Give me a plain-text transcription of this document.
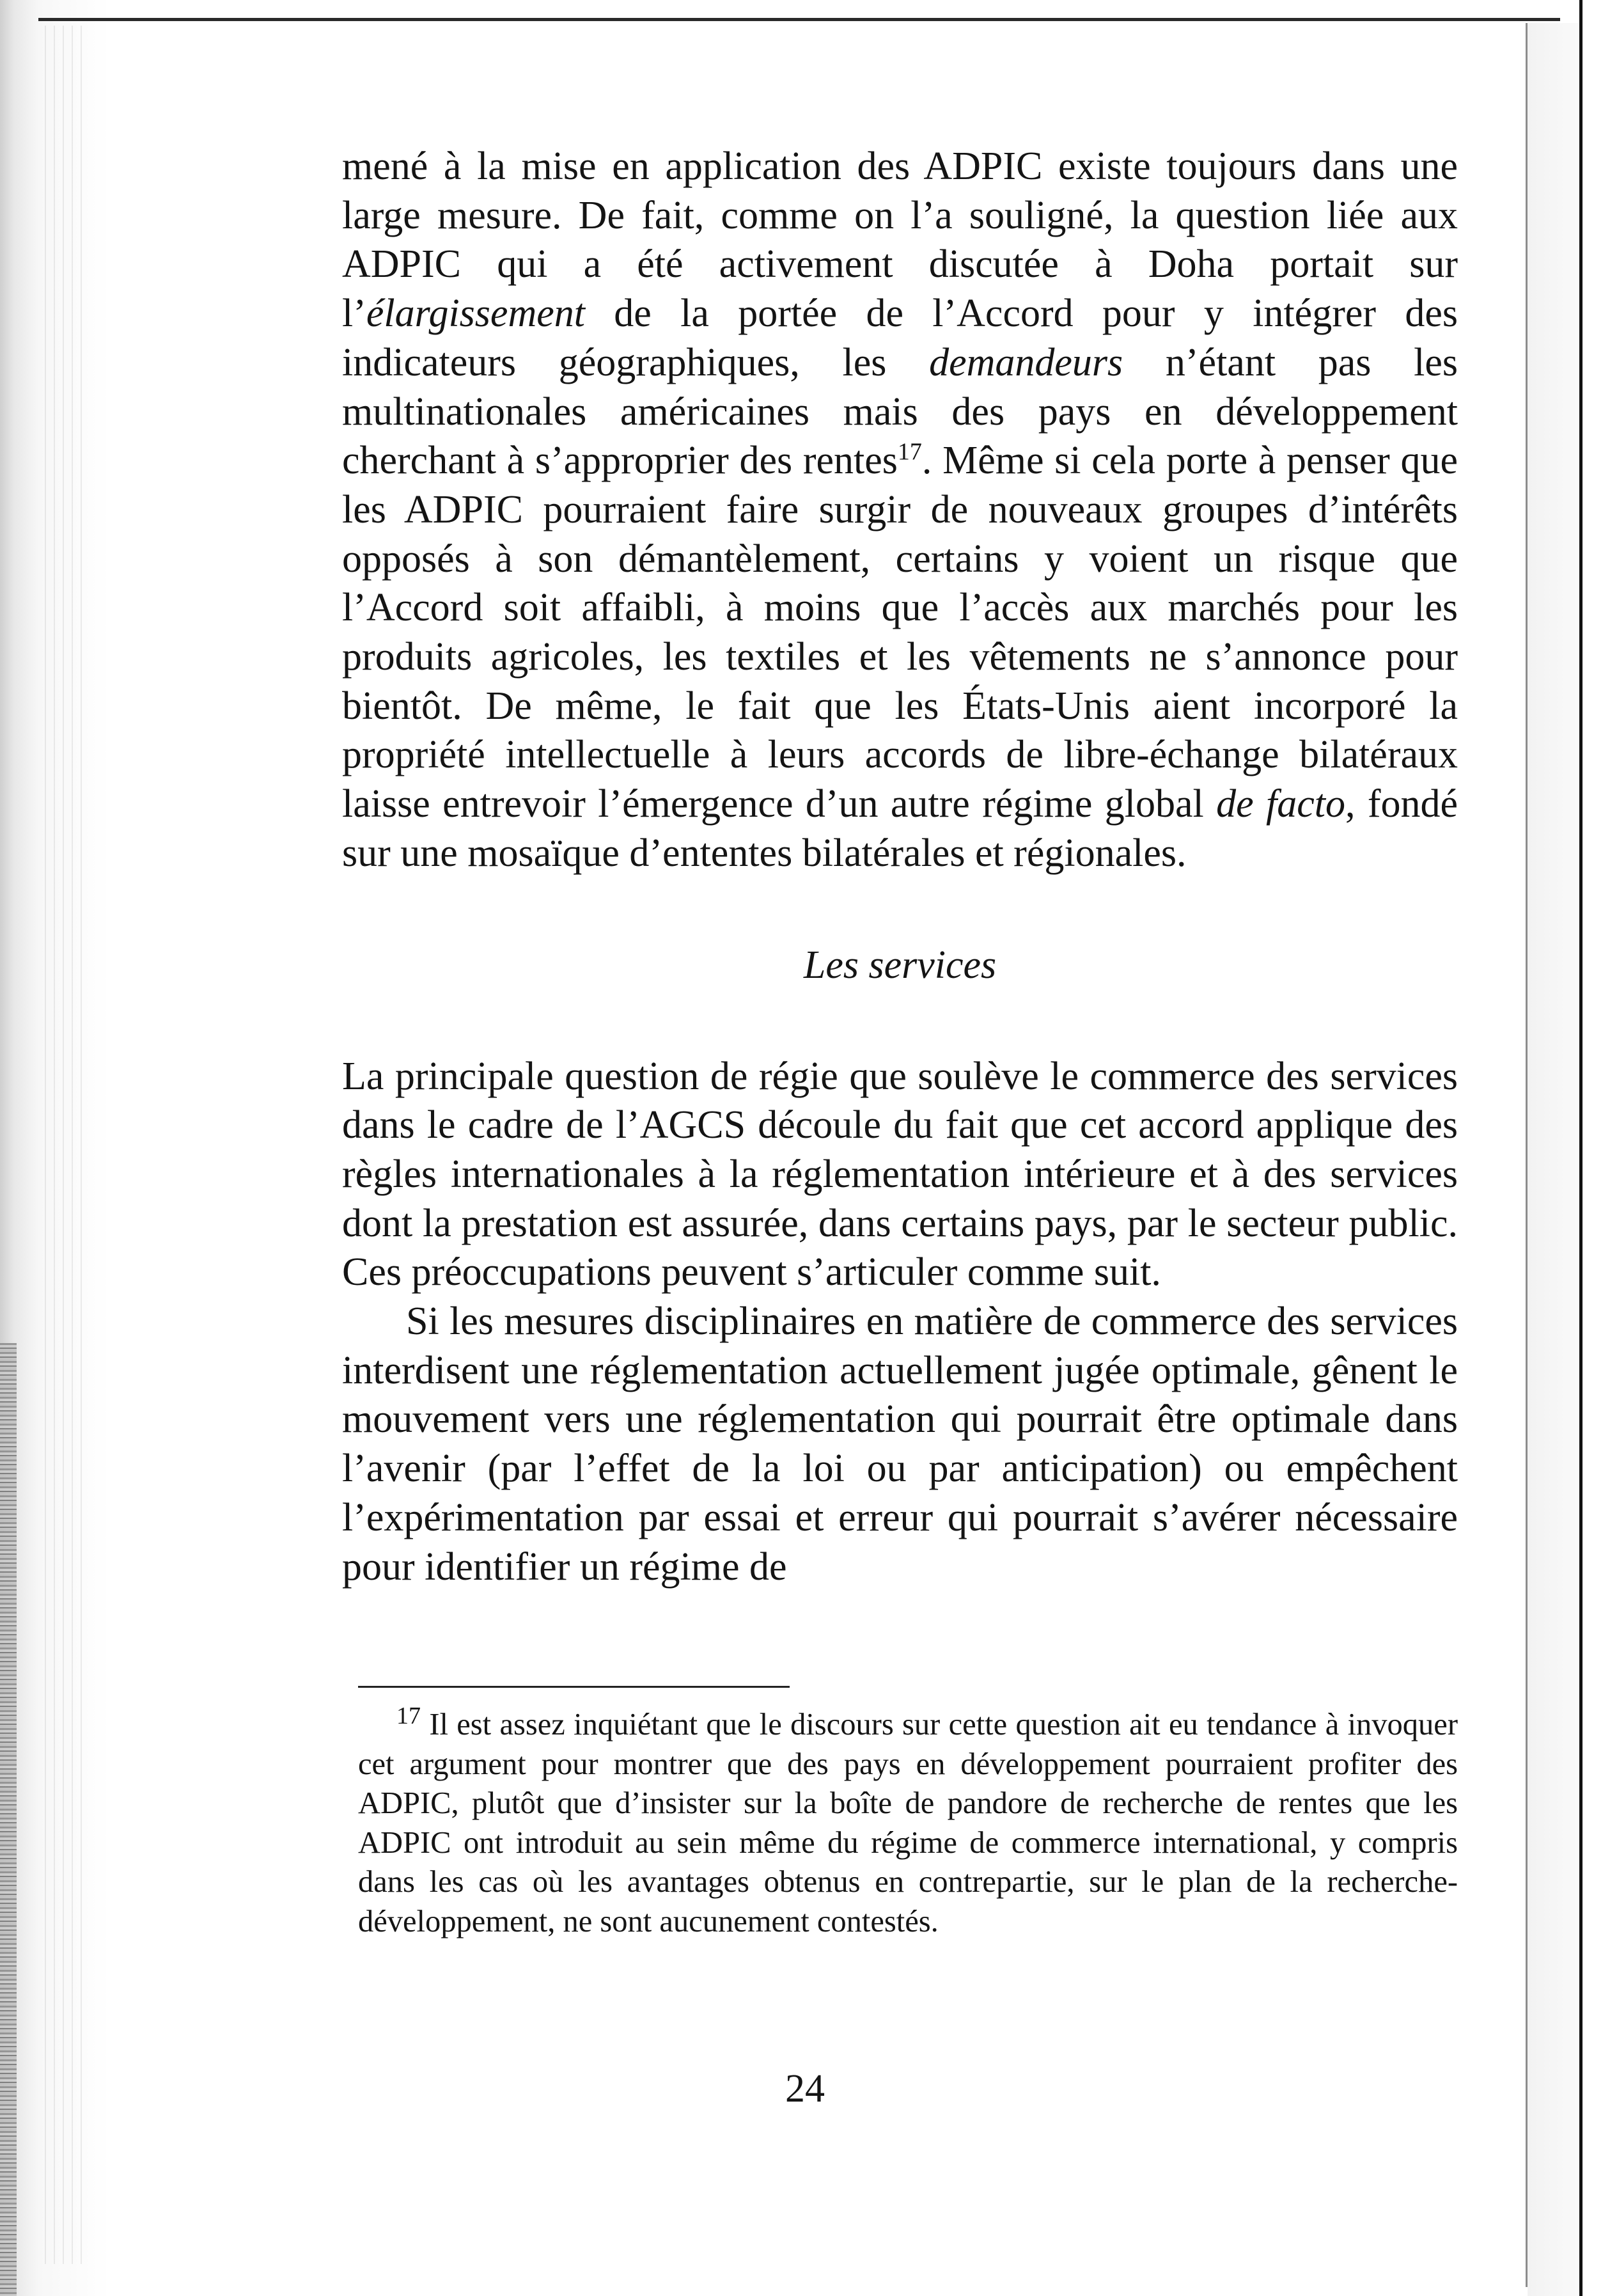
mené à la mise en application des ADPIC existe toujours dans une large mesure. De fait, comme on l’a souligné, la question liée aux ADPIC qui a été activement discutée à Doha portait sur l’élargissement de la portée de l’Accord pour y intégrer des indicateurs géographiques, les demandeurs n’étant pas les multinationales américaines mais des pays en développement cherchant à s’approprier des rentes$^{17}$. Même si cela porte à penser que les ADPIC pourraient faire surgir de nouveaux groupes d’intérêts opposés à son démantèlement, certains y voient un risque que l’Accord soit affaibli, à moins que l’accès aux marchés pour les produits agricoles, les textiles et les vêtements ne s’annonce pour bientôt. De même, le fait que les États-Unis aient incorporé la propriété intellectuelle à leurs accords de libre-échange bilatéraux laisse entrevoir l’émergence d’un autre régime global de facto, fondé sur une mosaïque d’ententes bilatérales et régionales.

Les services

La principale question de régie que soulève le commerce des services dans le cadre de l’AGCS découle du fait que cet accord applique des règles internationales à la réglementation intérieure et à des services dont la prestation est assurée, dans certains pays, par le secteur public. Ces préoccupations peuvent s’articuler comme suit.

Si les mesures disciplinaires en matière de commerce des services interdisent une réglementation actuellement jugée optimale, gênent le mouvement vers une réglementation qui pourrait être optimale dans l’avenir (par l’effet de la loi ou par anticipation) ou empêchent l’expérimentation par essai et erreur qui pourrait s’avérer nécessaire pour identifier un régime de

$^{17}$ Il est assez inquiétant que le discours sur cette question ait eu tendance à invoquer cet argument pour montrer que des pays en développement pourraient profiter des ADPIC, plutôt que d’insister sur la boîte de pandore de recherche de rentes que les ADPIC ont introduit au sein même du régime de commerce international, y compris dans les cas où les avantages obtenus en contrepartie, sur le plan de la recherche-développement, ne sont aucunement contestés.

24
